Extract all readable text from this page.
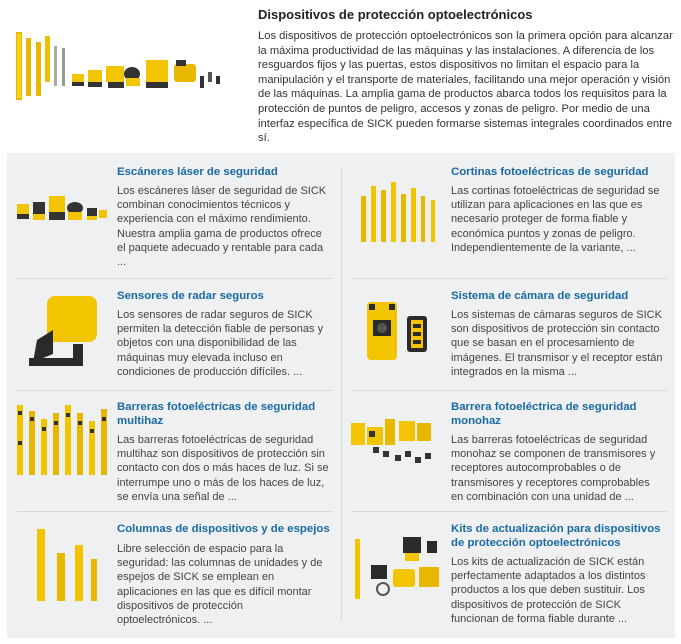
Dispositivos de protección optoelectrónicos
Los dispositivos de protección optoelectrónicos son la primera opción para alcanzar la máxima productividad de las máquinas y las instalaciones. A diferencia de los resguardos fijos y las puertas, estos dispositivos no limitan el espacio para la manipulación y el transporte de materiales, facilitando una mejor operación y visión de las máquinas. La amplia gama de productos abarca todos los requisitos para la protección de puntos de peligro, accesos y zonas de peligro. Por medio de una interfaz específica de SICK pueden formarse sistemas integrales coordinados entre sí.
Escáneres láser de seguridad
Los escáneres láser de seguridad de SICK combinan conocimientos técnicos y experiencia con el máximo rendimiento. Nuestra amplia gama de productos ofrece el paquete adecuado y rentable para cada ...
Cortinas fotoeléctricas de seguridad
Las cortinas fotoeléctricas de seguridad se utilizan para aplicaciones en las que es necesario proteger de forma fiable y económica puntos y zonas de peligro. Independientemente de la variante, ...
Sensores de radar seguros
Los sensores de radar seguros de SICK permiten la detección fiable de personas y objetos con una disponibilidad de las máquinas muy elevada incluso en condiciones de producción difíciles. ...
Sistema de cámara de seguridad
Los sistemas de cámaras seguros de SICK son dispositivos de protección sin contacto que se basan en el procesamiento de imágenes. El transmisor y el receptor están integrados en la misma ...
Barreras fotoeléctricas de seguridad multihaz
Las barreras fotoeléctricas de seguridad multihaz son dispositivos de protección sin contacto con dos o más haces de luz. Si se interrumpe uno o más de los haces de luz, se envía una señal de ...
Barrera fotoeléctrica de seguridad monohaz
Las barreras fotoeléctricas de seguridad monohaz se componen de transmisores y receptores autocomprobables o de transmisores y receptores comprobables en combinación con una unidad de ...
Columnas de dispositivos y de espejos
Libre selección de espacio para la seguridad: las columnas de unidades y de espejos de SICK se emplean en aplicaciones en las que es difícil montar dispositivos de protección optoelectrónicos. ...
Kits de actualización para dispositivos de protección optoelectrónicos
Los kits de actualización de SICK están perfectamente adaptados a los distintos productos a los que deben sustituir. Los dispositivos de protección de SICK funcionan de forma fiable durante ...
